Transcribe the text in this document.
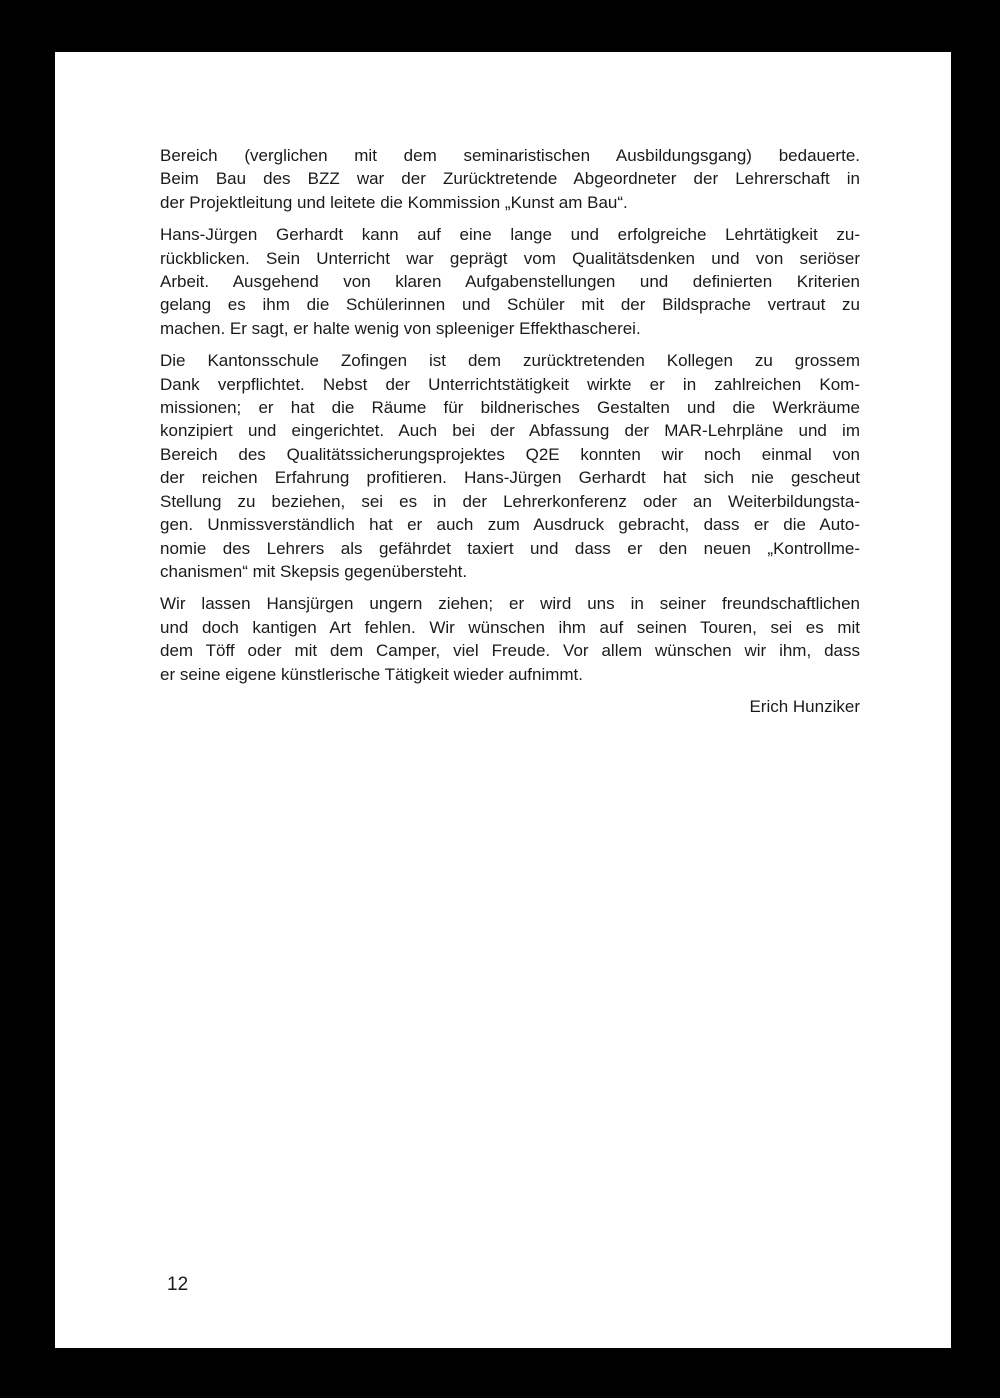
Bereich (verglichen mit dem seminaristischen Ausbildungsgang) bedauerte.
Beim Bau des BZZ war der Zurücktretende Abgeordneter der Lehrerschaft in
der Projektleitung und leitete die Kommission „Kunst am Bau“.

Hans-Jürgen Gerhardt kann auf eine lange und erfolgreiche Lehrtätigkeit zu-
rückblicken. Sein Unterricht war geprägt vom Qualitätsdenken und von seriöser
Arbeit. Ausgehend von klaren Aufgabenstellungen und definierten Kriterien
gelang es ihm die Schülerinnen und Schüler mit der Bildsprache vertraut zu
machen. Er sagt, er halte wenig von spleeniger Effekthascherei.

Die Kantonsschule Zofingen ist dem zurücktretenden Kollegen zu grossem
Dank verpflichtet. Nebst der Unterrichtstätigkeit wirkte er in zahlreichen Kom-
missionen; er hat die Räume für bildnerisches Gestalten und die Werkräume
konzipiert und eingerichtet. Auch bei der Abfassung der MAR-Lehrpläne und im
Bereich des Qualitätssicherungsprojektes Q2E konnten wir noch einmal von
der reichen Erfahrung profitieren. Hans-Jürgen Gerhardt hat sich nie gescheut
Stellung zu beziehen, sei es in der Lehrerkonferenz oder an Weiterbildungsta-
gen. Unmissverständlich hat er auch zum Ausdruck gebracht, dass er die Auto-
nomie des Lehrers als gefährdet taxiert und dass er den neuen „Kontrollme-
chanismen“ mit Skepsis gegenübersteht.

Wir lassen Hansjürgen ungern ziehen; er wird uns in seiner freundschaftlichen
und doch kantigen Art fehlen. Wir wünschen ihm auf seinen Touren, sei es mit
dem Töff oder mit dem Camper, viel Freude. Vor allem wünschen wir ihm, dass
er seine eigene künstlerische Tätigkeit wieder aufnimmt.

Erich Hunziker
12
